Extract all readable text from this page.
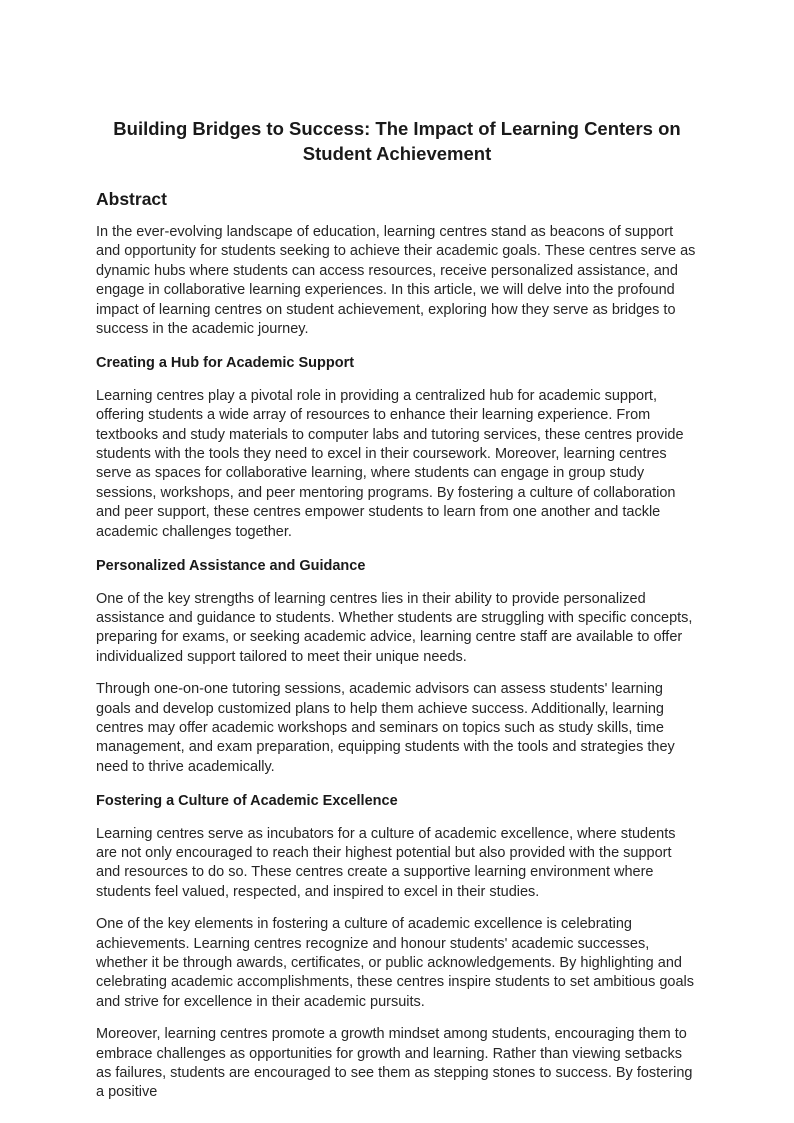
Building Bridges to Success: The Impact of Learning Centers on Student Achievement
Abstract

In the ever-evolving landscape of education, learning centres stand as beacons of support and opportunity for students seeking to achieve their academic goals. These centres serve as dynamic hubs where students can access resources, receive personalized assistance, and engage in collaborative learning experiences. In this article, we will delve into the profound impact of learning centres on student achievement, exploring how they serve as bridges to success in the academic journey.

Creating a Hub for Academic Support

Learning centres play a pivotal role in providing a centralized hub for academic support, offering students a wide array of resources to enhance their learning experience. From textbooks and study materials to computer labs and tutoring services, these centres provide students with the tools they need to excel in their coursework. Moreover, learning centres serve as spaces for collaborative learning, where students can engage in group study sessions, workshops, and peer mentoring programs. By fostering a culture of collaboration and peer support, these centres empower students to learn from one another and tackle academic challenges together.

Personalized Assistance and Guidance

One of the key strengths of learning centres lies in their ability to provide personalized assistance and guidance to students. Whether students are struggling with specific concepts, preparing for exams, or seeking academic advice, learning centre staff are available to offer individualized support tailored to meet their unique needs.

Through one-on-one tutoring sessions, academic advisors can assess students' learning goals and develop customized plans to help them achieve success. Additionally, learning centres may offer academic workshops and seminars on topics such as study skills, time management, and exam preparation, equipping students with the tools and strategies they need to thrive academically.

Fostering a Culture of Academic Excellence

Learning centres serve as incubators for a culture of academic excellence, where students are not only encouraged to reach their highest potential but also provided with the support and resources to do so. These centres create a supportive learning environment where students feel valued, respected, and inspired to excel in their studies.

One of the key elements in fostering a culture of academic excellence is celebrating achievements. Learning centres recognize and honour students' academic successes, whether it be through awards, certificates, or public acknowledgements. By highlighting and celebrating academic accomplishments, these centres inspire students to set ambitious goals and strive for excellence in their academic pursuits.

Moreover, learning centres promote a growth mindset among students, encouraging them to embrace challenges as opportunities for growth and learning. Rather than viewing setbacks as failures, students are encouraged to see them as stepping stones to success. By fostering a positive
